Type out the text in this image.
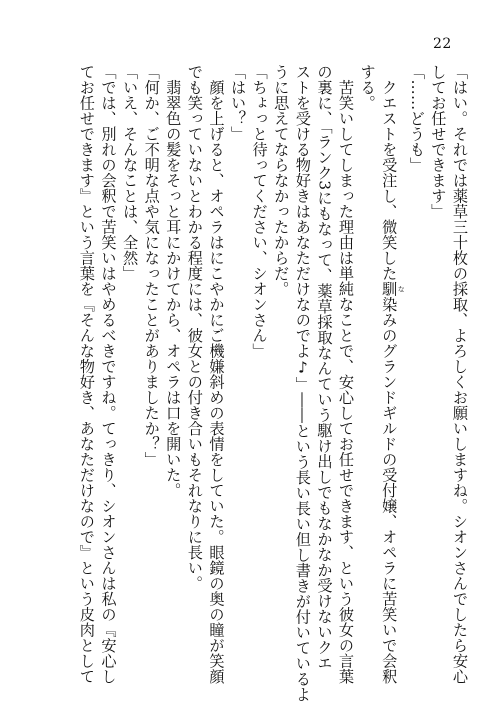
22
「はい。それでは薬草三十枚の採取、よろしくお願いしますね。シオンさんでしたら安心
してお任せできます」
「……どうも」
　クエストを受注し、微笑した馴 な染みのグランドギルドの受付嬢、オペラに苦笑いで会釈
する。
　苦笑いしてしまった理由は単純なことで、安心してお任せできます、という彼女の言葉
の裏に、「ランク3にもなって、薬草採取なんていう駆け出しでもなかなか受けないクエ
ストを受ける物好きはあなただけなのでよ♪」――という長い長い但し書きが付いているよ
うに思えてならなかったからだ。
「ちょっと待ってください、シオンさん」
「はい？」
　顔を上げると、オペラはにこやかにご機嫌斜めの表情をしていた。眼鏡の奥の瞳が笑顔
でも笑っていないとわかる程度には、彼女との付き合いもそれなりに長い。
　翡翠色の髪をそっと耳にかけてから、オペラは口を開いた。
「何か、ご不明な点や気になったことがありましたか？」
「いえ、そんなことは、全然」
「では、別れの会釈で苦笑いはやめるべきですね。てっきり、シオンさんは私の『安心し
てお任せできます』という言葉を『そんな物好き、あなただけなので』という皮肉として
